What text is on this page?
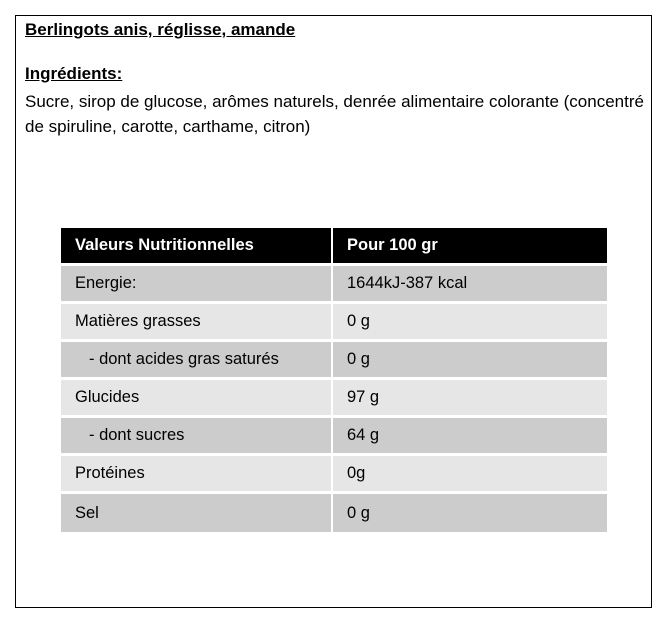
Berlingots anis, réglisse, amande
Ingrédients:
Sucre, sirop de glucose, arômes naturels, denrée alimentaire colorante (concentré de spiruline, carotte, carthame, citron)
Valeurs Nutritionnelles	Pour 100 gr
Energie:	1644kJ-387 kcal
Matières grasses	0 g
- dont acides gras saturés	0 g
Glucides	97 g
- dont sucres	64 g
Protéines	0g
Sel	0 g
